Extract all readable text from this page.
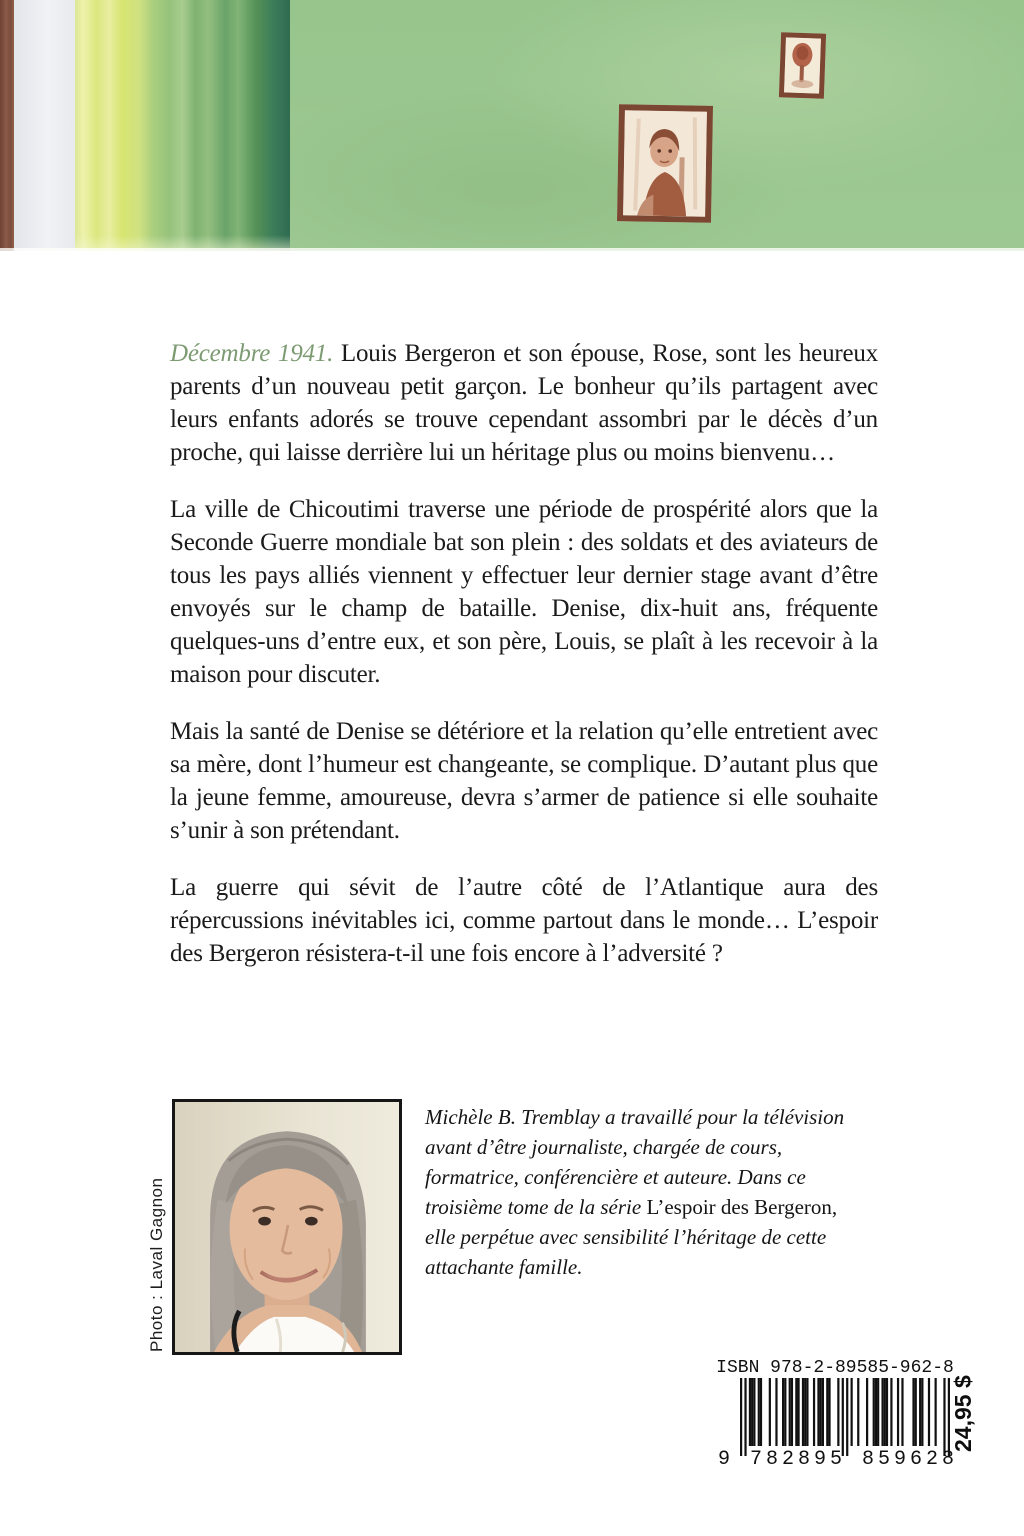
Décembre 1941. Louis Bergeron et son épouse, Rose, sont les heureux parents d’un nouveau petit garçon. Le bonheur qu’ils partagent avec leurs enfants adorés se trouve cependant assombri par le décès d’un proche, qui laisse derrière lui un héritage plus ou moins bienvenu…

La ville de Chicoutimi traverse une période de prospérité alors que la Seconde Guerre mondiale bat son plein : des soldats et des aviateurs de tous les pays alliés viennent y effectuer leur dernier stage avant d’être envoyés sur le champ de bataille. Denise, dix-huit ans, fréquente quelques-uns d’entre eux, et son père, Louis, se plaît à les recevoir à la maison pour discuter.

Mais la santé de Denise se détériore et la relation qu’elle entretient avec sa mère, dont l’humeur est changeante, se complique. D’autant plus que la jeune femme, amoureuse, devra s’armer de patience si elle souhaite s’unir à son prétendant.

La guerre qui sévit de l’autre côté de l’Atlantique aura des répercussions inévitables ici, comme partout dans le monde… L’espoir des Bergeron résistera-t-il une fois encore à l’adversité ?

Photo : Laval Gagnon
Michèle B. Tremblay a travaillé pour la télévision avant d’être journaliste, chargée de cours, formatrice, conférencière et auteure. Dans ce troisième tome de la série L’espoir des Bergeron, elle perpétue avec sensibilité l’héritage de cette attachante famille.
ISBN 978-2-89585-962-8
9 782895 859628
24,95 $
